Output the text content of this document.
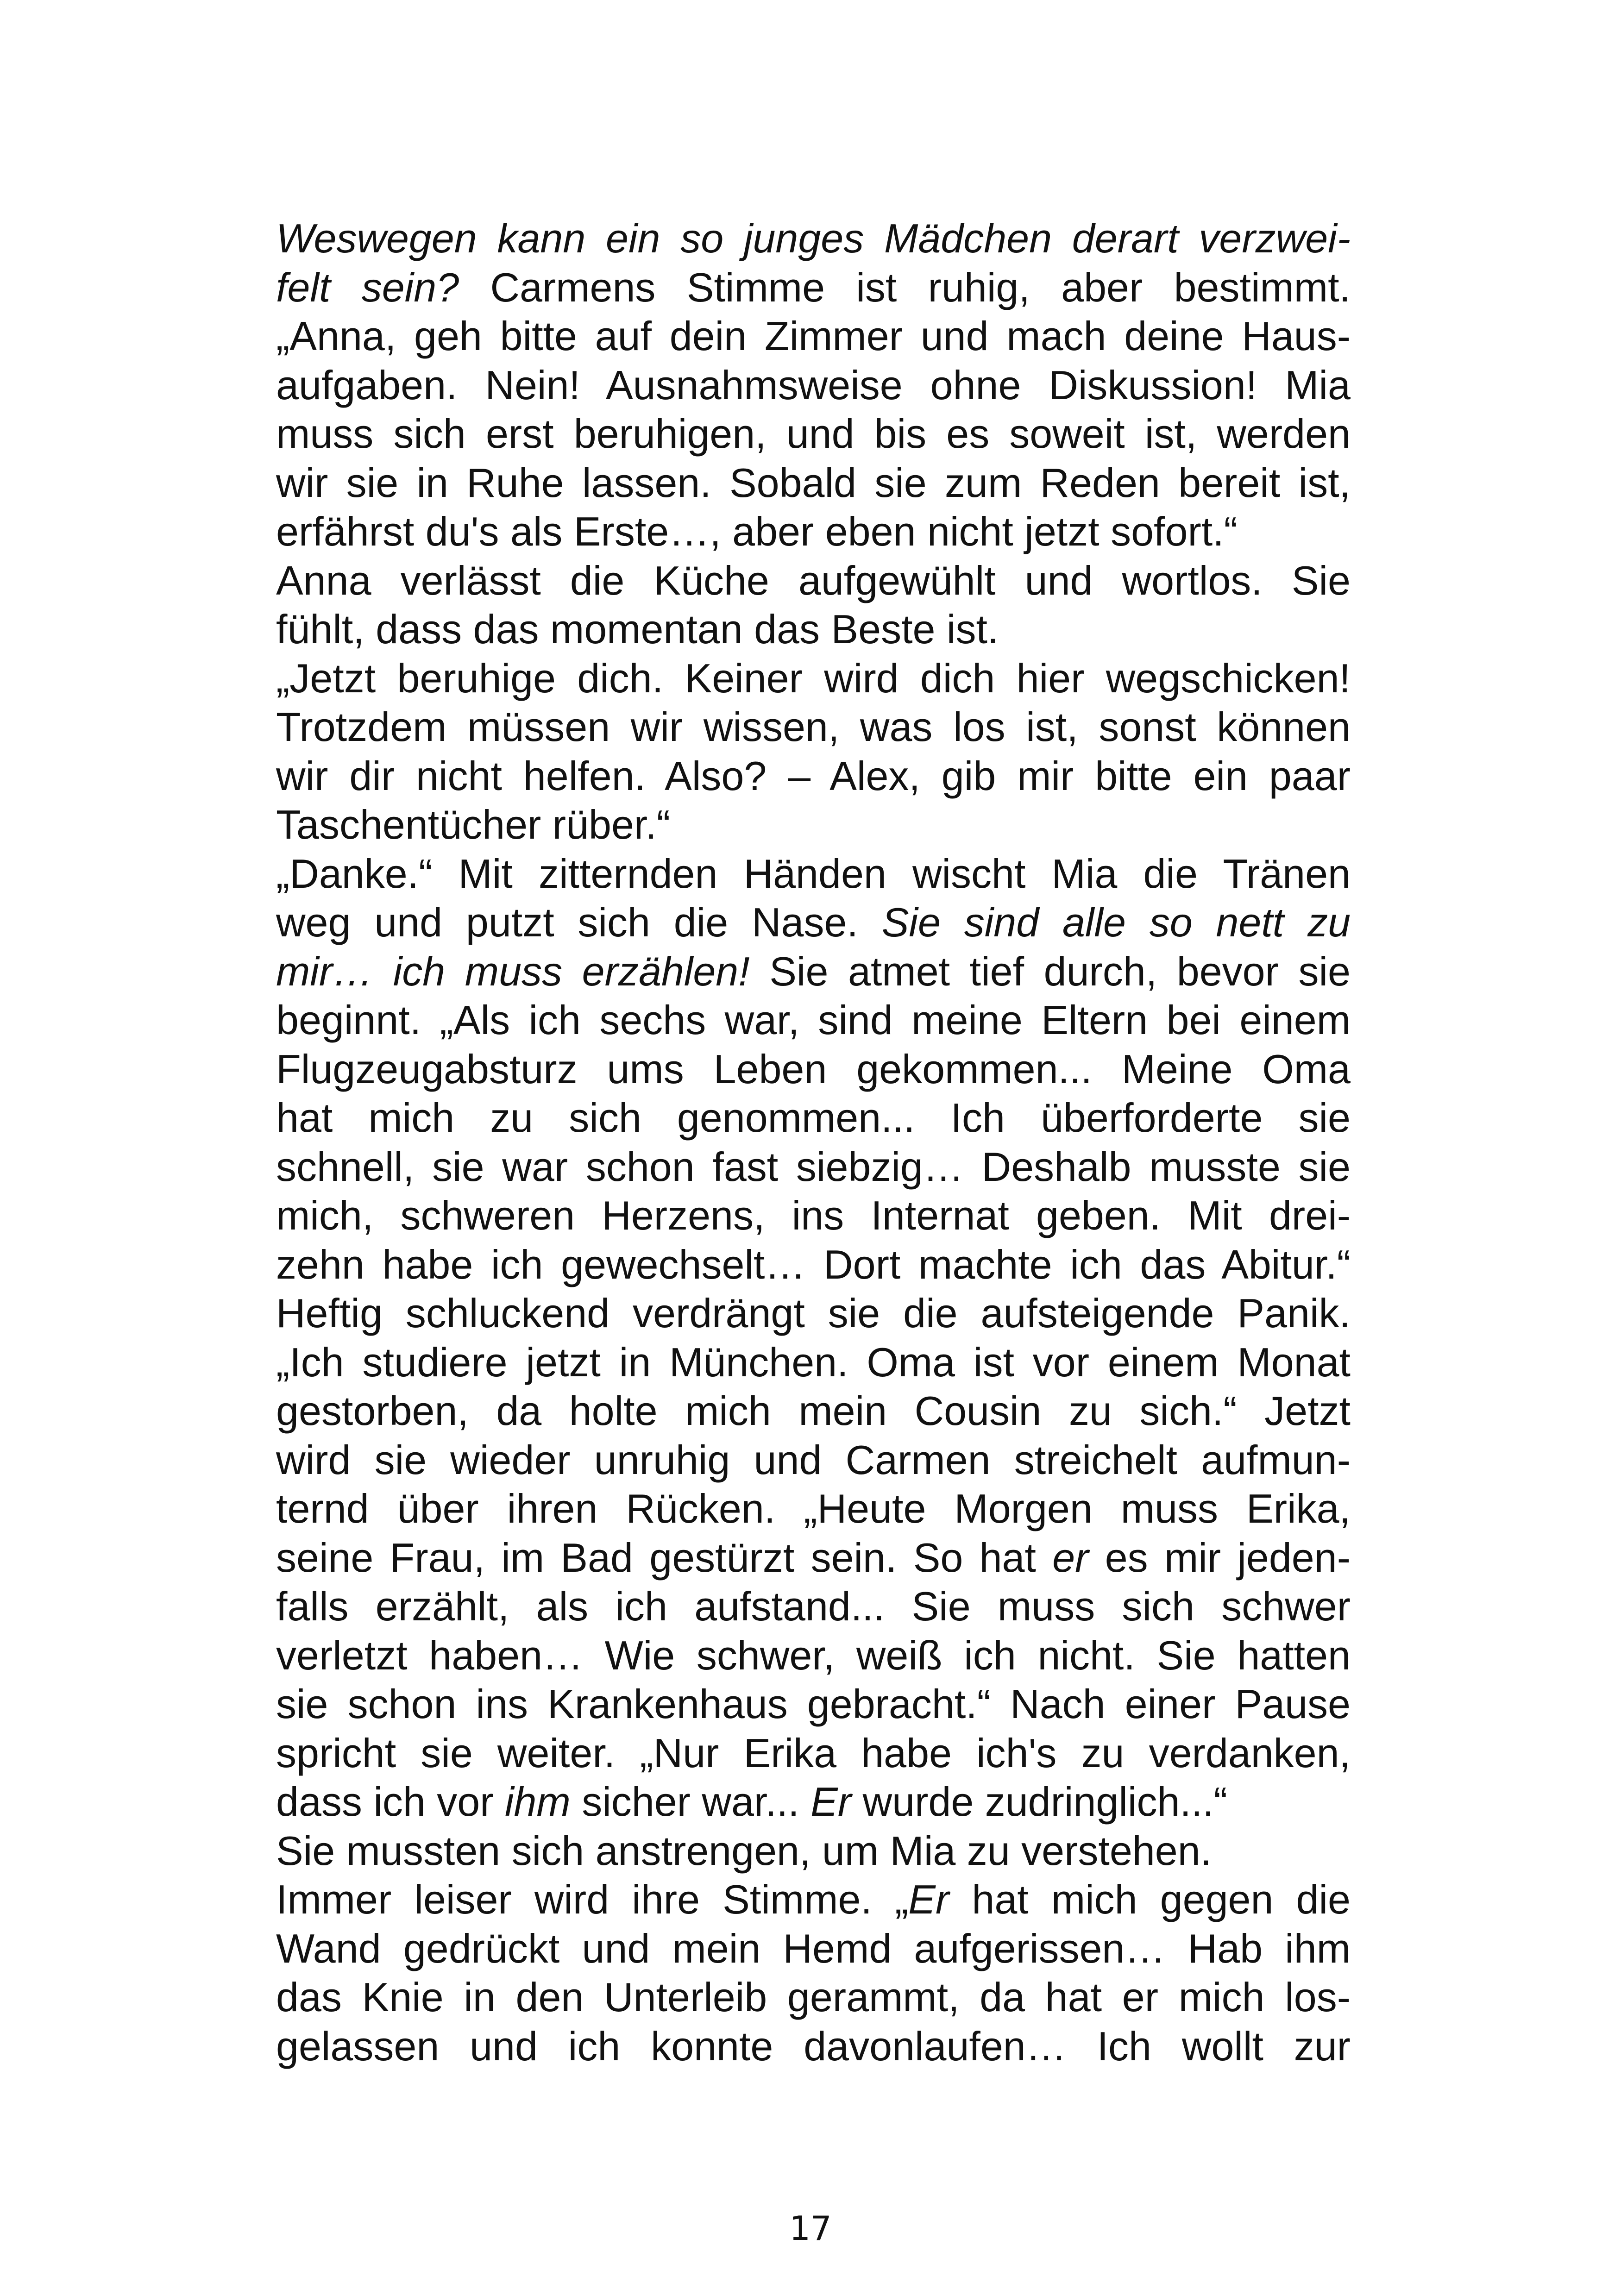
Weswegen kann ein so junges Mädchen derart verzwei-
felt sein? Carmens Stimme ist ruhig, aber bestimmt.
„Anna, geh bitte auf dein Zimmer und mach deine Haus-
aufgaben. Nein! Ausnahmsweise ohne Diskussion! Mia
muss sich erst beruhigen, und bis es soweit ist, werden
wir sie in Ruhe lassen. Sobald sie zum Reden bereit ist,
erfährst du's als Erste…, aber eben nicht jetzt sofort.“
Anna verlässt die Küche aufgewühlt und wortlos. Sie
fühlt, dass das momentan das Beste ist.
„Jetzt beruhige dich. Keiner wird dich hier wegschicken!
Trotzdem müssen wir wissen, was los ist, sonst können
wir dir nicht helfen. Also? – Alex, gib mir bitte ein paar
Taschentücher rüber.“
„Danke.“ Mit zitternden Händen wischt Mia die Tränen
weg und putzt sich die Nase. Sie sind alle so nett zu
mir… ich muss erzählen! Sie atmet tief durch, bevor sie
beginnt. „Als ich sechs war, sind meine Eltern bei einem
Flugzeugabsturz ums Leben gekommen... Meine Oma
hat mich zu sich genommen... Ich überforderte sie
schnell, sie war schon fast siebzig… Deshalb musste sie
mich, schweren Herzens, ins Internat geben. Mit drei-
zehn habe ich gewechselt… Dort machte ich das Abitur.“
Heftig schluckend verdrängt sie die aufsteigende Panik.
„Ich studiere jetzt in München. Oma ist vor einem Monat
gestorben, da holte mich mein Cousin zu sich.“ Jetzt
wird sie wieder unruhig und Carmen streichelt aufmun-
ternd über ihren Rücken. „Heute Morgen muss Erika,
seine Frau, im Bad gestürzt sein. So hat er es mir jeden-
falls erzählt, als ich aufstand... Sie muss sich schwer
verletzt haben… Wie schwer, weiß ich nicht. Sie hatten
sie schon ins Krankenhaus gebracht.“ Nach einer Pause
spricht sie weiter. „Nur Erika habe ich's zu verdanken,
dass ich vor ihm sicher war... Er wurde zudringlich...“
Sie mussten sich anstrengen, um Mia zu verstehen.
Immer leiser wird ihre Stimme. „Er hat mich gegen die
Wand gedrückt und mein Hemd aufgerissen… Hab ihm
das Knie in den Unterleib gerammt, da hat er mich los-
gelassen und ich konnte davonlaufen… Ich wollt zur
17
